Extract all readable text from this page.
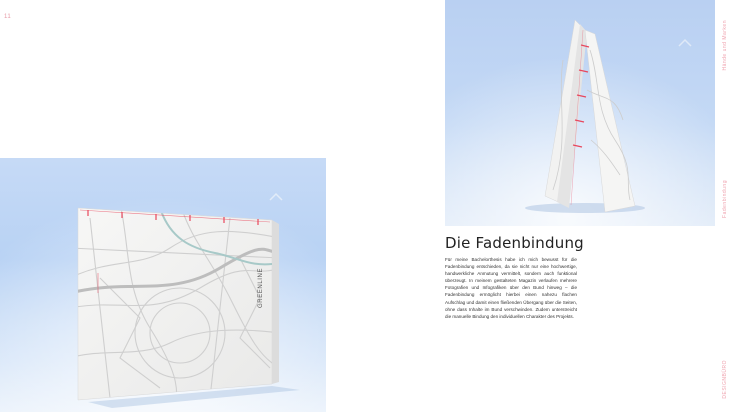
11
GREENLINE
Hände und Marken
Fadenbindung
DESIGNBÜRO
Die Fadenbindung
Für meine Bachelorthesis habe ich mich bewusst für die Fadenbindung entschieden, da sie nicht nur eine hochwertige, handwerkliche Anmutung vermittelt, sondern auch funktional überzeugt. In meinem gestalteten Magazin verlaufen mehrere Fotografien und Infografiken über den Bund hinweg – die Fadenbindung ermöglicht hierbei einen nahezu flachen Aufschlag und damit einen fließenden Übergang über die Seiten, ohne dass Inhalte im Bund verschwinden. Zudem unterstreicht die manuelle Bindung den individuellen Charakter des Projekts.
